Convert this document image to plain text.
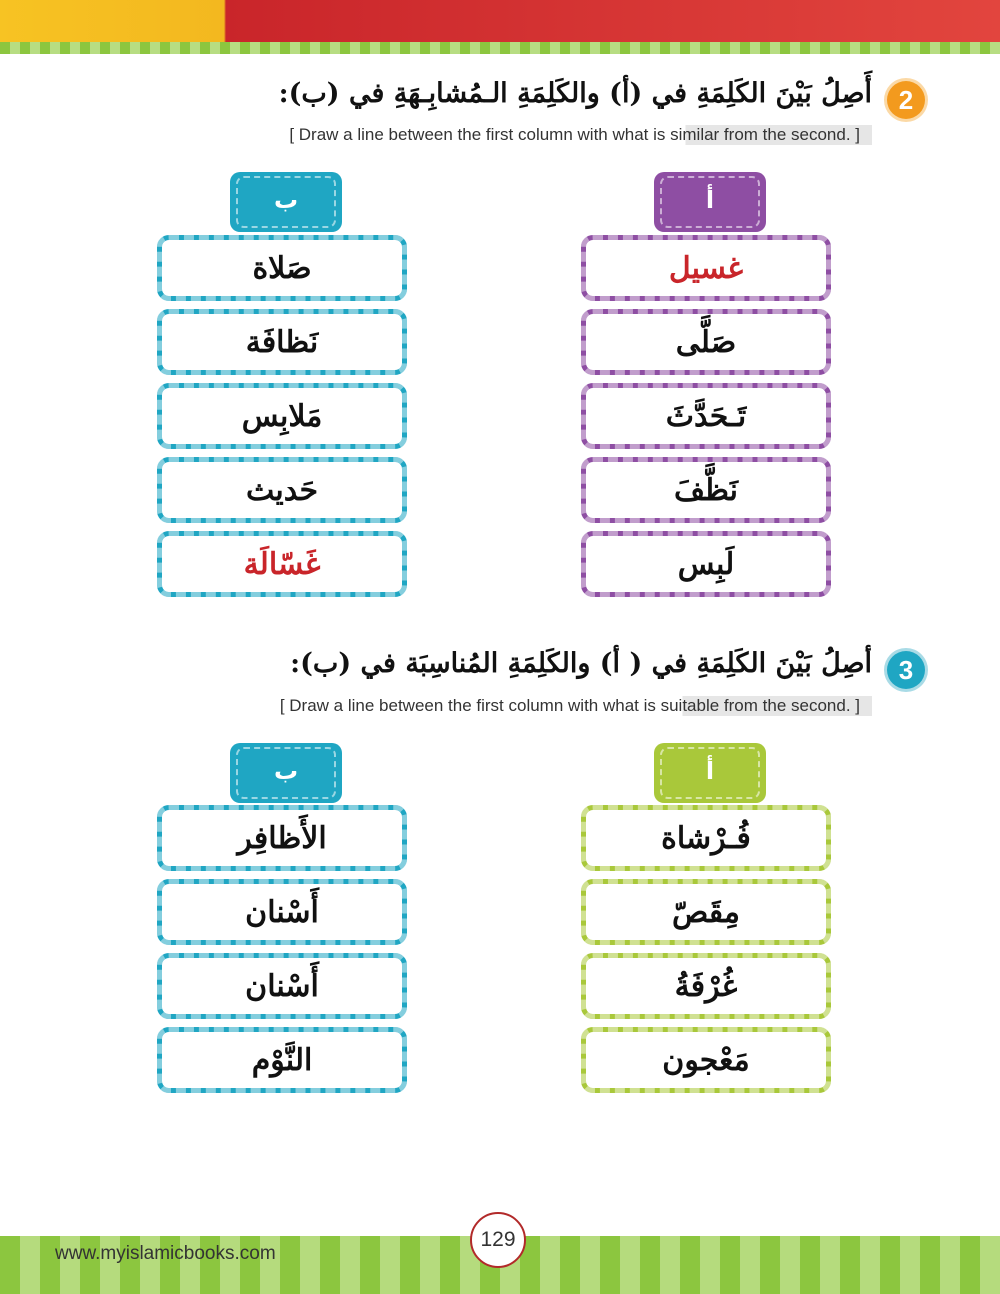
2
أَصِلُ بَيْنَ الكَلِمَةِ في (أ) والكَلِمَةِ الـمُشابِـهَةِ في (ب):
[ Draw a line between the first column with what is similar from the second. ]
ب	أ
صَلاة
نَظافَة
مَلابِس
حَديث
غَسّالَة
غسيل
صَلَّى
تَـحَدَّثَ
نَظَّفَ
لَبِس
3
أصِلُ بَيْنَ الكَلِمَةِ في ( أ) والكَلِمَةِ المُناسِبَة في (ب):
[ Draw a line between the first column with what is suitable from the second. ]
ب	أ
الأَظافِر
أَسْنان
أَسْنان
النَّوْم
فُـرْشاة
مِقَصّ
غُرْفَةُ
مَعْجون
www.myislamicbooks.com
129
